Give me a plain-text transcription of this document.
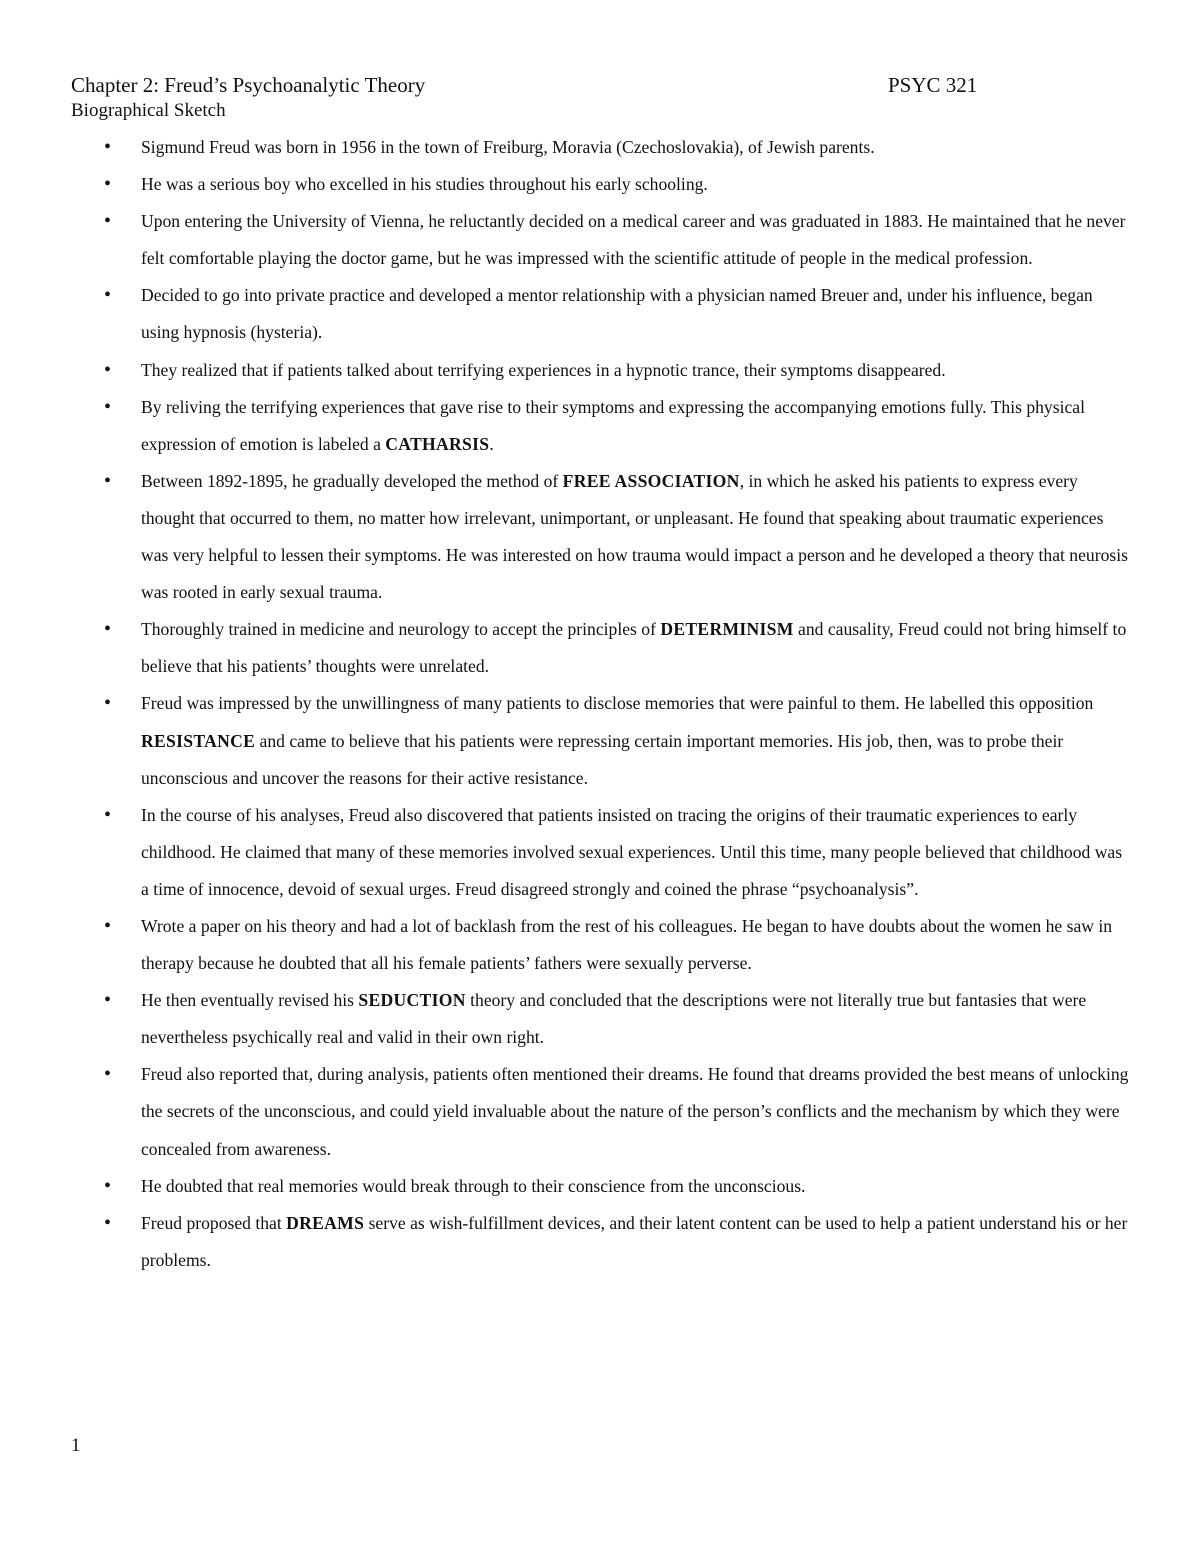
Chapter 2: Freud’s Psychoanalytic Theory	PSYC 321
Biographical Sketch
• Sigmund Freud was born in 1956 in the town of Freiburg, Moravia (Czechoslovakia), of Jewish parents.
• He was a serious boy who excelled in his studies throughout his early schooling.
• Upon entering the University of Vienna, he reluctantly decided on a medical career and was graduated in 1883. He maintained that he never felt comfortable playing the doctor game, but he was impressed with the scientific attitude of people in the medical profession.
• Decided to go into private practice and developed a mentor relationship with a physician named Breuer and, under his influence, began using hypnosis (hysteria).
• They realized that if patients talked about terrifying experiences in a hypnotic trance, their symptoms disappeared.
• By reliving the terrifying experiences that gave rise to their symptoms and expressing the accompanying emotions fully. This physical expression of emotion is labeled a CATHARSIS.
• Between 1892-1895, he gradually developed the method of FREE ASSOCIATION, in which he asked his patients to express every thought that occurred to them, no matter how irrelevant, unimportant, or unpleasant. He found that speaking about traumatic experiences was very helpful to lessen their symptoms. He was interested on how trauma would impact a person and he developed a theory that neurosis was rooted in early sexual trauma.
• Thoroughly trained in medicine and neurology to accept the principles of DETERMINISM and causality, Freud could not bring himself to believe that his patients’ thoughts were unrelated.
• Freud was impressed by the unwillingness of many patients to disclose memories that were painful to them. He labelled this opposition RESISTANCE and came to believe that his patients were repressing certain important memories. His job, then, was to probe their unconscious and uncover the reasons for their active resistance.
• In the course of his analyses, Freud also discovered that patients insisted on tracing the origins of their traumatic experiences to early childhood. He claimed that many of these memories involved sexual experiences. Until this time, many people believed that childhood was a time of innocence, devoid of sexual urges. Freud disagreed strongly and coined the phrase “psychoanalysis”.
• Wrote a paper on his theory and had a lot of backlash from the rest of his colleagues. He began to have doubts about the women he saw in therapy because he doubted that all his female patients’ fathers were sexually perverse.
• He then eventually revised his SEDUCTION theory and concluded that the descriptions were not literally true but fantasies that were nevertheless psychically real and valid in their own right.
• Freud also reported that, during analysis, patients often mentioned their dreams. He found that dreams provided the best means of unlocking the secrets of the unconscious, and could yield invaluable about the nature of the person’s conflicts and the mechanism by which they were concealed from awareness.
• He doubted that real memories would break through to their conscience from the unconscious.
• Freud proposed that DREAMS serve as wish-fulfillment devices, and their latent content can be used to help a patient understand his or her problems.
1
